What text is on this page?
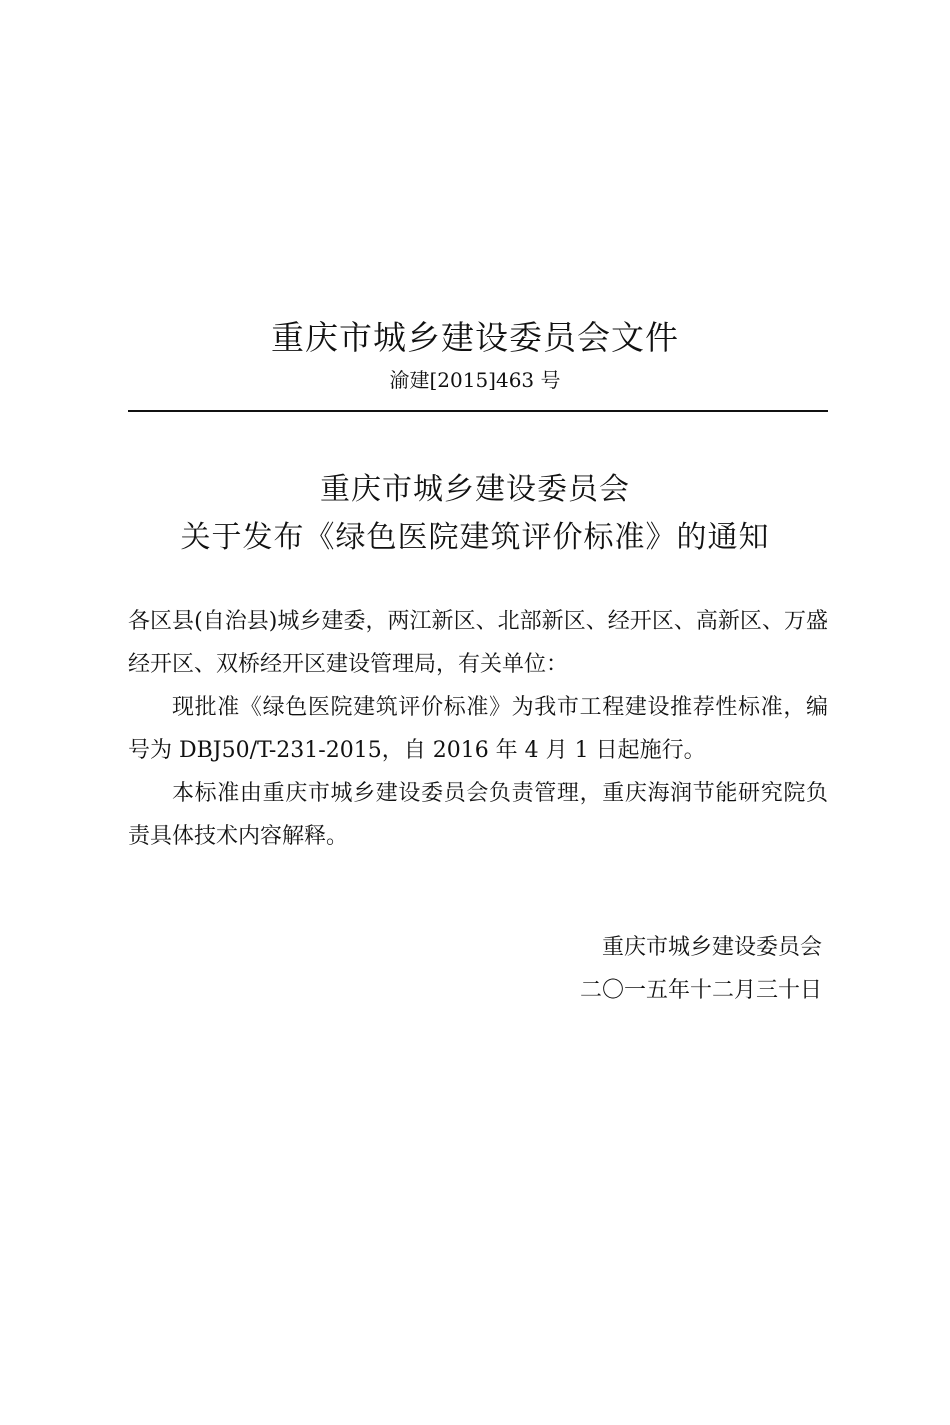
重庆市城乡建设委员会文件
渝建[2015]463 号
重庆市城乡建设委员会
关于发布《绿色医院建筑评价标准》的通知

各区县(自治县)城乡建委，两江新区、北部新区、经开区、高新区、万盛经开区、双桥经开区建设管理局，有关单位：

现批准《绿色医院建筑评价标准》为我市工程建设推荐性标准，编号为 DBJ50/T-231-2015，自 2016 年 4 月 1 日起施行。

本标准由重庆市城乡建设委员会负责管理，重庆海润节能研究院负责具体技术内容解释。

重庆市城乡建设委员会
二〇一五年十二月三十日
